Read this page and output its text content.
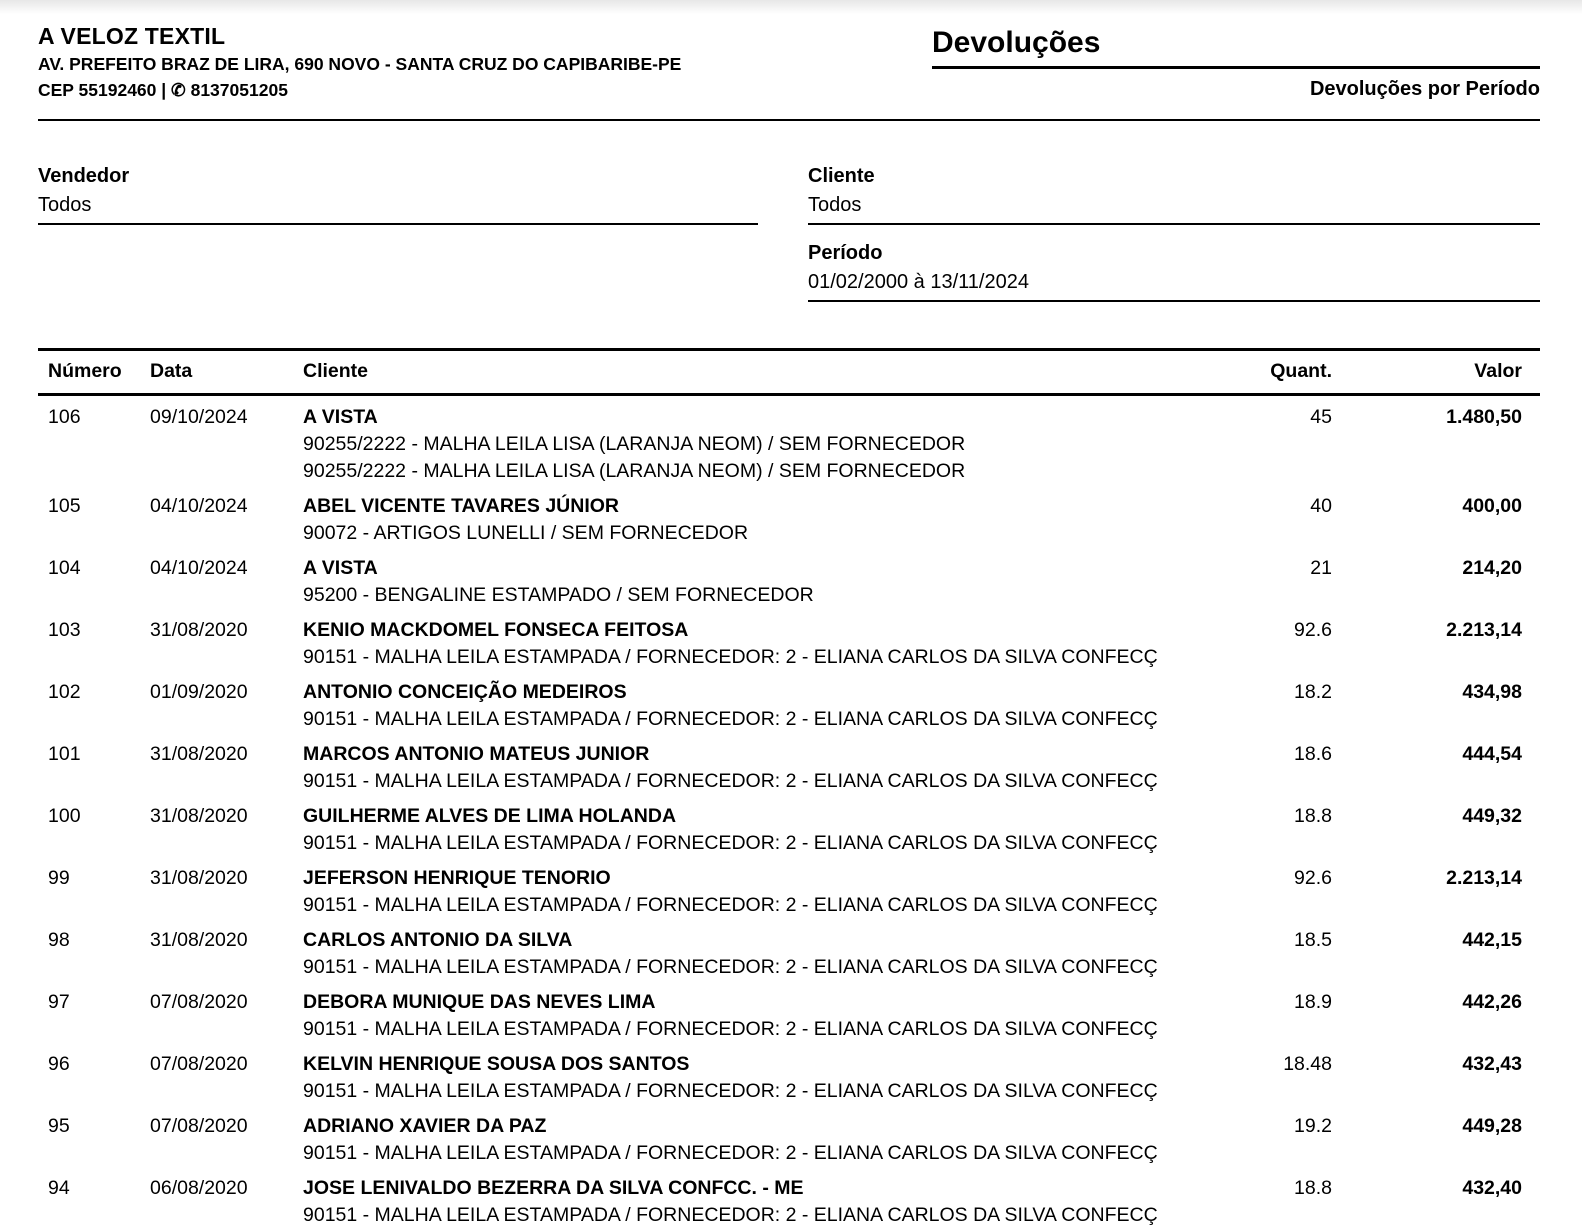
A VELOZ TEXTIL
AV. PREFEITO BRAZ DE LIRA, 690 NOVO - SANTA CRUZ DO CAPIBARIBE-PE
CEP 55192460 | ✆ 8137051205
Devoluções
Devoluções por Período
Vendedor
Todos
Cliente
Todos
Período
01/02/2000 à 13/11/2024
Número	Data	Cliente	Quant.	Valor
106	09/10/2024	A VISTA
90255/2222 - MALHA LEILA LISA (LARANJA NEOM) / SEM FORNECEDOR
90255/2222 - MALHA LEILA LISA (LARANJA NEOM) / SEM FORNECEDOR
45	1.480,50
105	04/10/2024	ABEL VICENTE TAVARES JÚNIOR
90072 - ARTIGOS LUNELLI / SEM FORNECEDOR
40	400,00
104	04/10/2024	A VISTA
95200 - BENGALINE ESTAMPADO / SEM FORNECEDOR
21	214,20
103	31/08/2020	KENIO MACKDOMEL FONSECA FEITOSA
90151 - MALHA LEILA ESTAMPADA / FORNECEDOR: 2 - ELIANA CARLOS DA SILVA CONFECÇ
92.6	2.213,14
102	01/09/2020	ANTONIO CONCEIÇÃO MEDEIROS
90151 - MALHA LEILA ESTAMPADA / FORNECEDOR: 2 - ELIANA CARLOS DA SILVA CONFECÇ
18.2	434,98
101	31/08/2020	MARCOS ANTONIO MATEUS JUNIOR
90151 - MALHA LEILA ESTAMPADA / FORNECEDOR: 2 - ELIANA CARLOS DA SILVA CONFECÇ
18.6	444,54
100	31/08/2020	GUILHERME ALVES DE LIMA HOLANDA
90151 - MALHA LEILA ESTAMPADA / FORNECEDOR: 2 - ELIANA CARLOS DA SILVA CONFECÇ
18.8	449,32
99	31/08/2020	JEFERSON HENRIQUE TENORIO
90151 - MALHA LEILA ESTAMPADA / FORNECEDOR: 2 - ELIANA CARLOS DA SILVA CONFECÇ
92.6	2.213,14
98	31/08/2020	CARLOS ANTONIO DA SILVA
90151 - MALHA LEILA ESTAMPADA / FORNECEDOR: 2 - ELIANA CARLOS DA SILVA CONFECÇ
18.5	442,15
97	07/08/2020	DEBORA MUNIQUE DAS NEVES LIMA
90151 - MALHA LEILA ESTAMPADA / FORNECEDOR: 2 - ELIANA CARLOS DA SILVA CONFECÇ
18.9	442,26
96	07/08/2020	KELVIN HENRIQUE SOUSA DOS SANTOS
90151 - MALHA LEILA ESTAMPADA / FORNECEDOR: 2 - ELIANA CARLOS DA SILVA CONFECÇ
18.48	432,43
95	07/08/2020	ADRIANO XAVIER DA PAZ
90151 - MALHA LEILA ESTAMPADA / FORNECEDOR: 2 - ELIANA CARLOS DA SILVA CONFECÇ
19.2	449,28
94	06/08/2020	JOSE LENIVALDO BEZERRA DA SILVA CONFCC. - ME
90151 - MALHA LEILA ESTAMPADA / FORNECEDOR: 2 - ELIANA CARLOS DA SILVA CONFECÇ
18.8	432,40
